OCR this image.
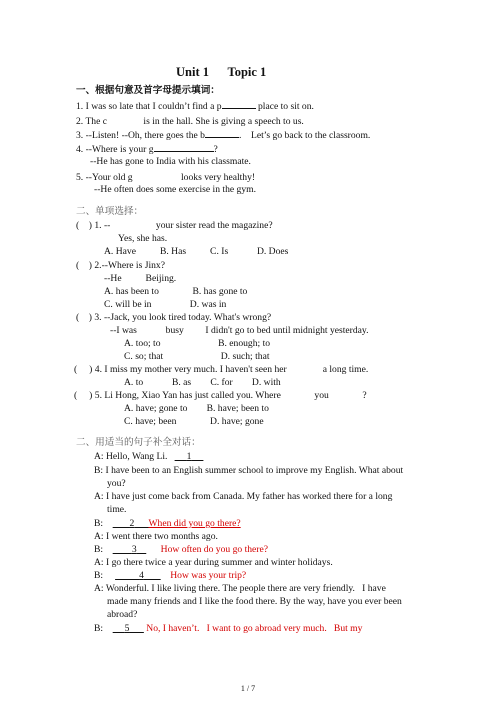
Unit 1      Topic 1
一、根据句意及首字母提示填词：
1. I was so late that I couldn’t find a p	place to sit on.
2. The c	is in the hall. She is giving a speech to us.
3. --Listen! --Oh, there goes the b	.    Let’s go back to the classroom.
4. --Where is your g	?
--He has gone to India with his classmate.
5. --Your old g	looks very healthy!
--He often does some exercise in the gym.
二、单项选择：
(    ) 1. --                   your sister read the magazine?
Yes, she has.
A. Have          B. Has          C. Is            D. Does
(    ) 2.--Where is Jinx?
--He          Beijing.
A. has been to              B. has gone to
C. will be in                D. was in
(    ) 3. --Jack, you look tired today. What's wrong?
--I was            busy         I didn't go to bed until midnight yesterday.
A. too; to                        B. enough; to
C. so; that                        D. such; that
(     ) 4. I miss my mother very much. I haven't seen her               a long time.
A. to            B. as        C. for        D. with
(     ) 5. Li Hong, Xiao Yan has just called you. Where              you              ?
A. have; gone to        B. have; been to
C. have; been              D. have; gone
二、用适当的句子补全对话：
A: Hello, Wang Li. 1
B: I have been to an English summer school to improve my English. What about
you?
A: I have just come back from Canada. My father has worked there for a long
time.
B:	2 When did you go there?
A: I went there two months ago.
B:	3 How often do you go there?
A: I go there twice a year during summer and winter holidays.
B:	4	How was your trip?
A: Wonderful. I like living there. The people there are very friendly.   I have
made many friends and I like the food there. By the way, have you ever been
abroad?
B: 5 No, I haven’t.   I want to go abroad very much.   But my
1 / 7
